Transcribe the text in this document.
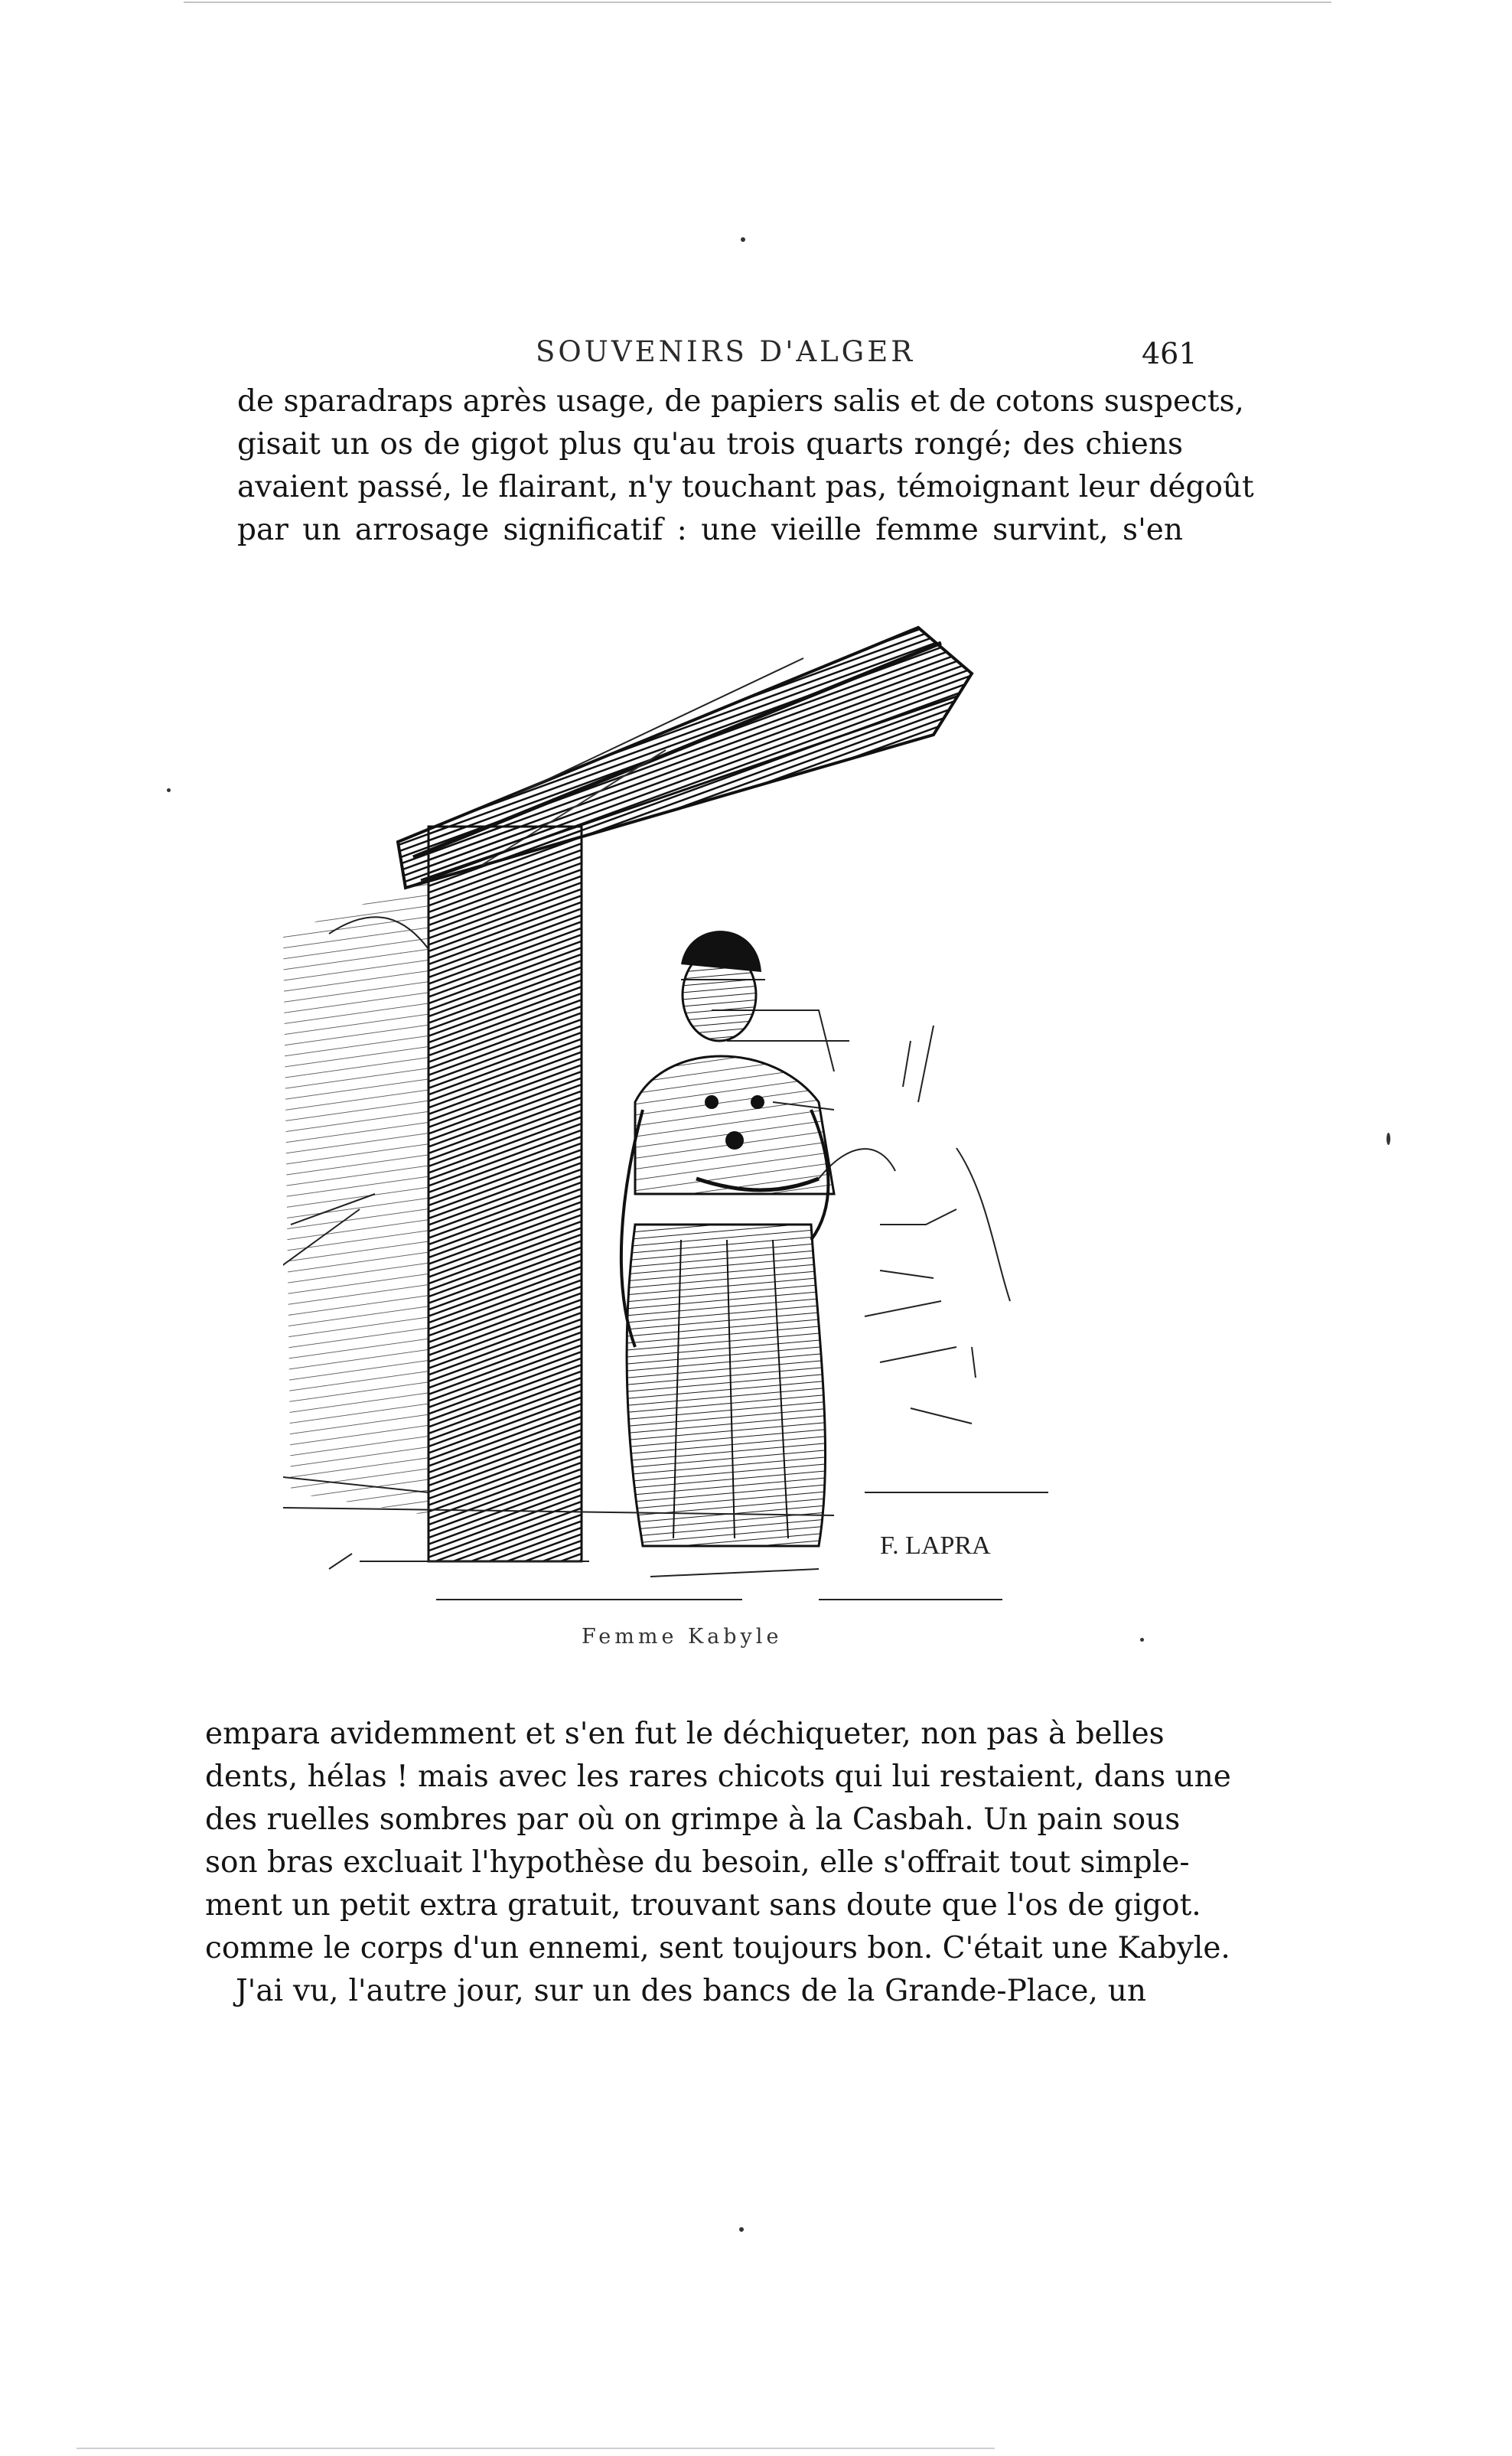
SOUVENIRS D'ALGER	461
de sparadraps après usage, de papiers salis et de cotons suspects,
gisait un os de gigot plus qu'au trois quarts rongé; des chiens
avaient passé, le flairant, n'y touchant pas, témoignant leur dégoût
par un arrosage significatif : une vieille femme survint, s'en
F. LAPRA
Femme Kabyle
empara avidemment et s'en fut le déchiqueter, non pas à belles
dents, hélas ! mais avec les rares chicots qui lui restaient, dans une
des ruelles sombres par où on grimpe à la Casbah. Un pain sous
son bras excluait l'hypothèse du besoin, elle s'offrait tout simple-
ment un petit extra gratuit, trouvant sans doute que l'os de gigot.
comme le corps d'un ennemi, sent toujours bon. C'était une Kabyle.
J'ai vu, l'autre jour, sur un des bancs de la Grande-Place, un
